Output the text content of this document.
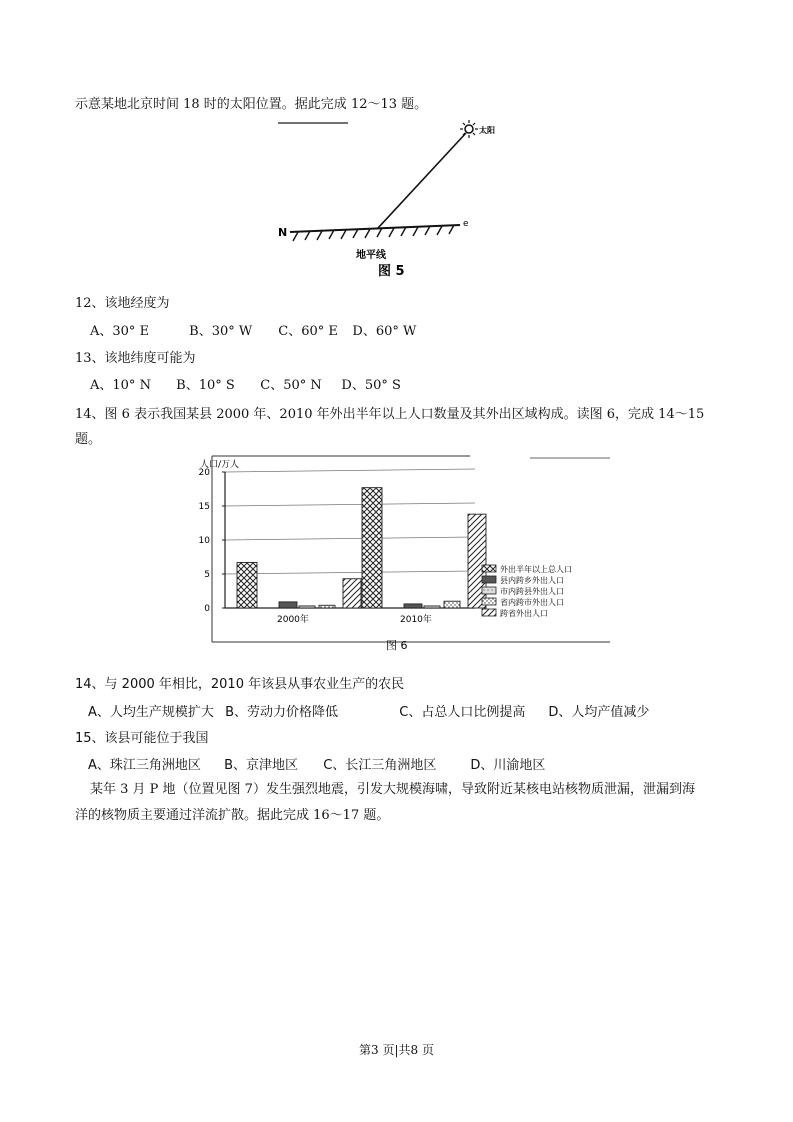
示意某地北京时间 18 时的太阳位置。据此完成 12～13 题。
太阳
N
e
地平线
图 5
12、该地经度为
A、30° E	B、30° W C、60° E D、60° W
13、该地纬度可能为
A、10° N B、10° S C、50° N D、50° S
14、图 6 表示我国某县 2000 年、2010 年外出半年以上人口数量及其外出区域构成。读图 6，完成 14～15
题。
0
5
10
15
20
2000年	2010年
人口/万人
外出半年以上总人口
县内跨乡外出人口
市内跨县外出人口
省内跨市外出人口
跨省外出人口
图 6
14、与 2000 年相比，2010 年该县从事农业生产的农民
A、人均生产规模扩大 B、劳动力价格降低	C、占总人口比例提高 D、人均产值减少
15、该县可能位于我国
A、珠江三角洲地区 B、京津地区 C、长江三角洲地区	D、川渝地区
某年 3 月 P 地（位置见图 7）发生强烈地震，引发大规模海啸，导致附近某核电站核物质泄漏，泄漏到海
洋的核物质主要通过洋流扩散。据此完成 16～17 题。
第3 页|共8 页
